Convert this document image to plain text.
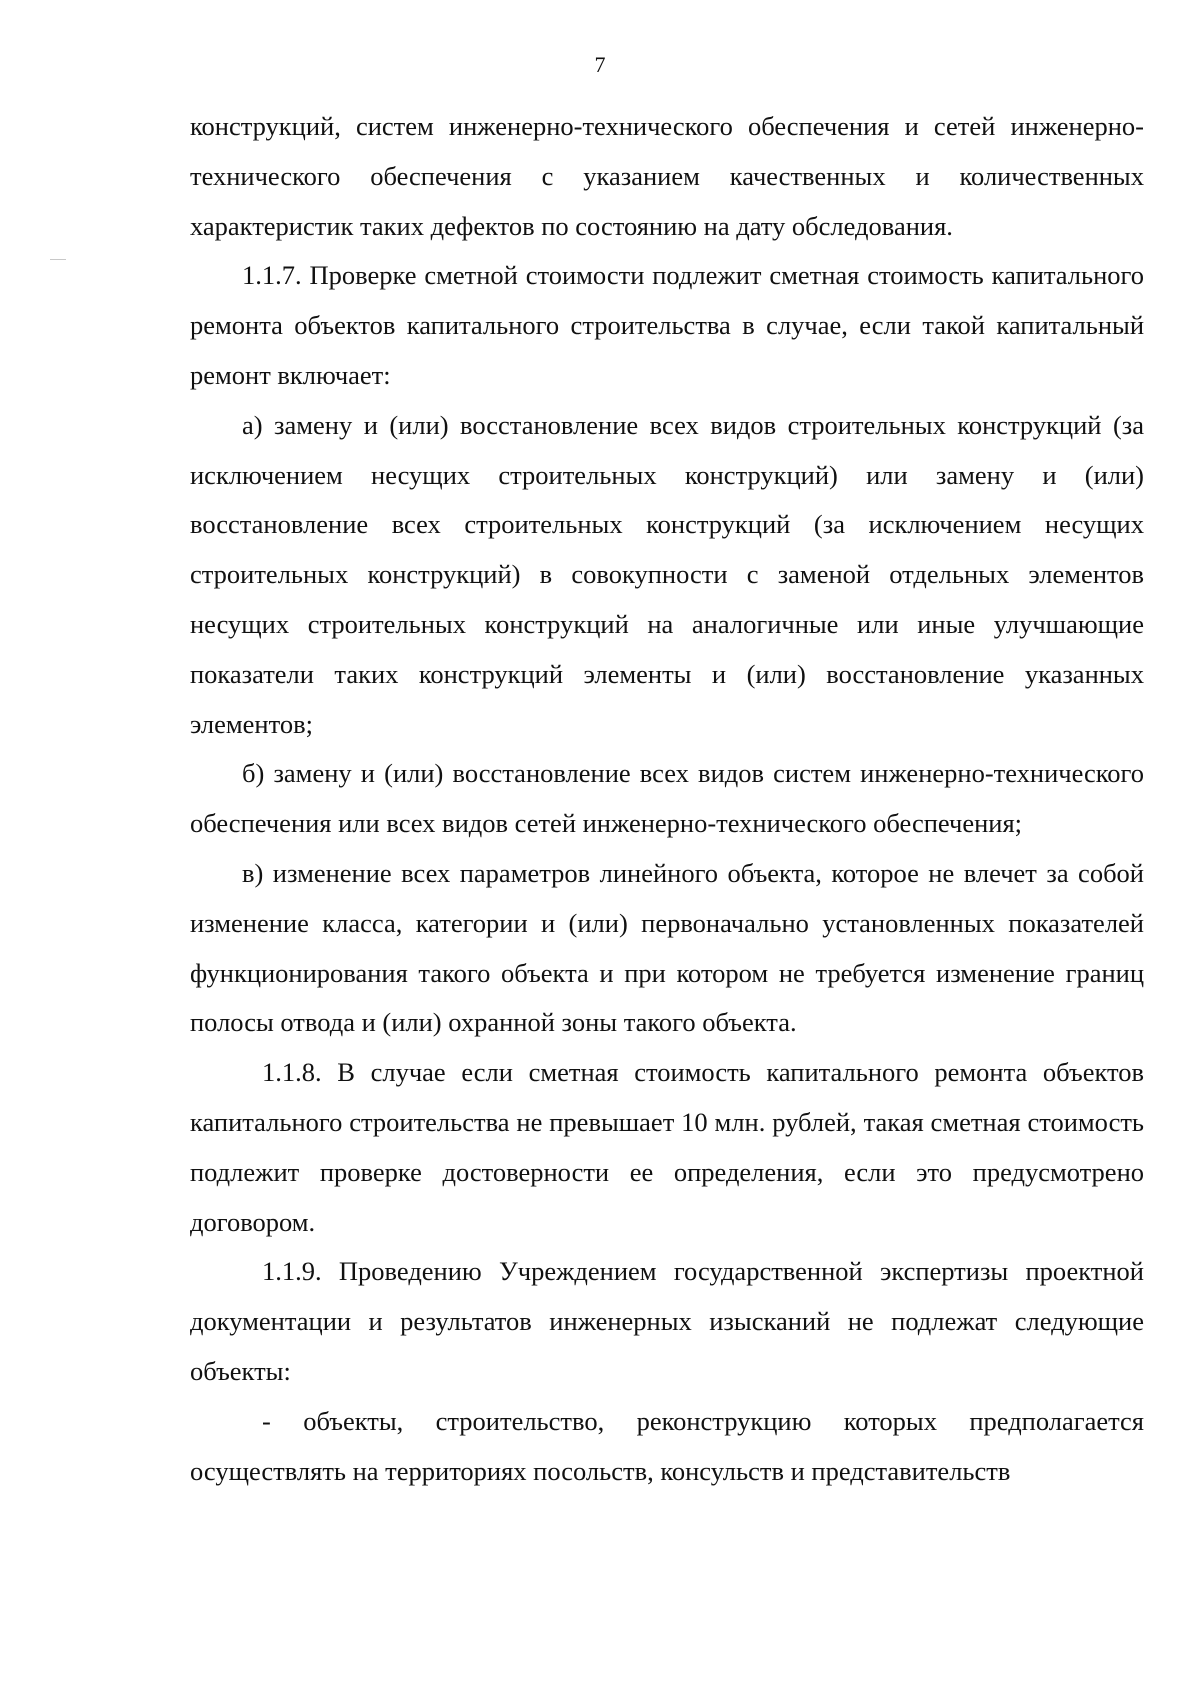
7

конструкций, систем инженерно-технического обеспечения и сетей инженерно-технического обеспечения с указанием качественных и количественных характеристик таких дефектов по состоянию на дату обследования.

1.1.7. Проверке сметной стоимости подлежит сметная стоимость капитального ремонта объектов капитального строительства в случае, если такой капитальный ремонт включает:

а) замену и (или) восстановление всех видов строительных конструкций (за исключением несущих строительных конструкций) или замену и (или) восстановление всех строительных конструкций (за исключением несущих строительных конструкций) в совокупности с заменой отдельных элементов несущих строительных конструкций на аналогичные или иные улучшающие показатели таких конструкций элементы и (или) восстановление указанных элементов;

б) замену и (или) восстановление всех видов систем инженерно-технического обеспечения или всех видов сетей инженерно-технического обеспечения;

в) изменение всех параметров линейного объекта, которое не влечет за собой изменение класса, категории и (или) первоначально установленных показателей функционирования такого объекта и при котором не требуется изменение границ полосы отвода и (или) охранной зоны такого объекта.

1.1.8. В случае если сметная стоимость капитального ремонта объектов капитального строительства не превышает 10 млн. рублей, такая сметная стоимость подлежит проверке достоверности ее определения, если это предусмотрено договором.

1.1.9. Проведению Учреждением государственной экспертизы проектной документации и результатов инженерных изысканий не подлежат следующие объекты:

- объекты, строительство, реконструкцию которых предполагается осуществлять на территориях посольств, консульств и представительств
